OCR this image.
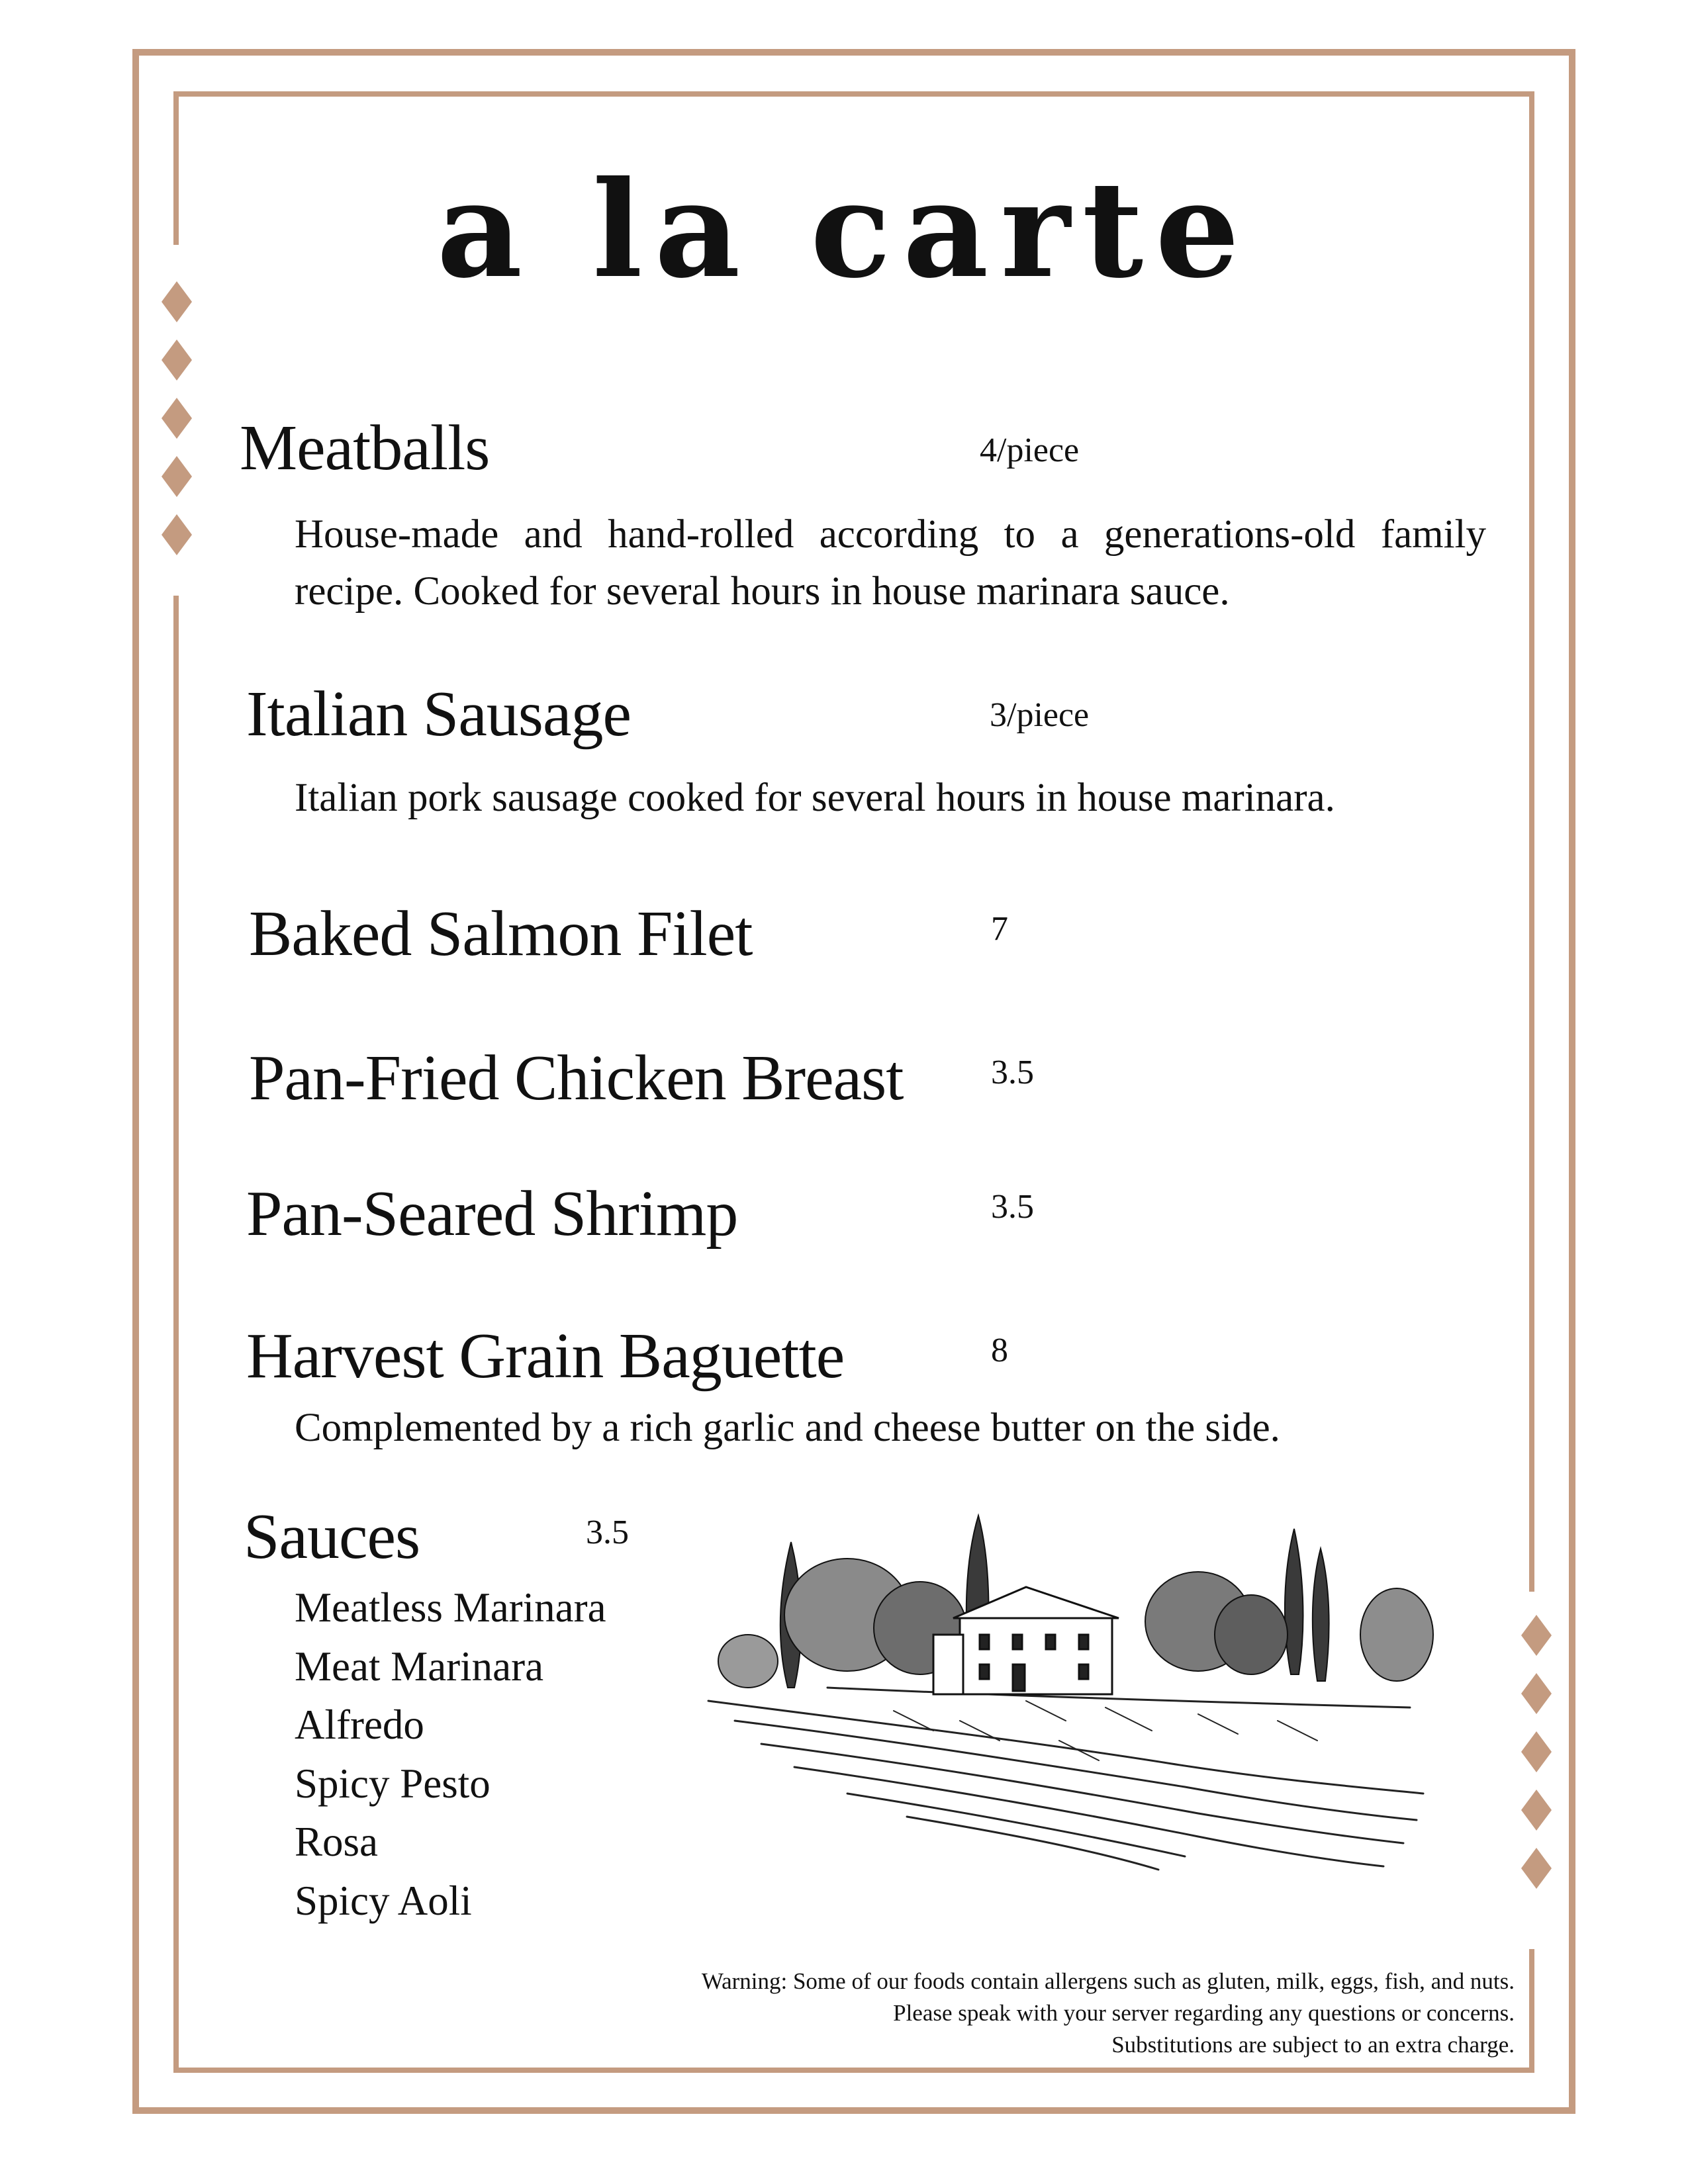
a la carte
Meatballs	4/piece
House-made and hand-rolled according to a generations-old family recipe. Cooked for several hours in house marinara sauce.
Italian Sausage	3/piece
Italian pork sausage cooked for several hours in house marinara.
Baked Salmon Filet	7
Pan-Fried Chicken Breast	3.5
Pan-Seared Shrimp	3.5
Harvest Grain Baguette	8
Complemented by a rich garlic and cheese butter on the side.
Sauces	3.5
Meatless Marinara
Meat Marinara
Alfredo
Spicy Pesto
Rosa
Spicy Aoli
Warning: Some of our foods contain allergens such as gluten, milk, eggs, fish, and nuts.
Please speak with your server regarding any questions or concerns.
Substitutions are subject to an extra charge.
